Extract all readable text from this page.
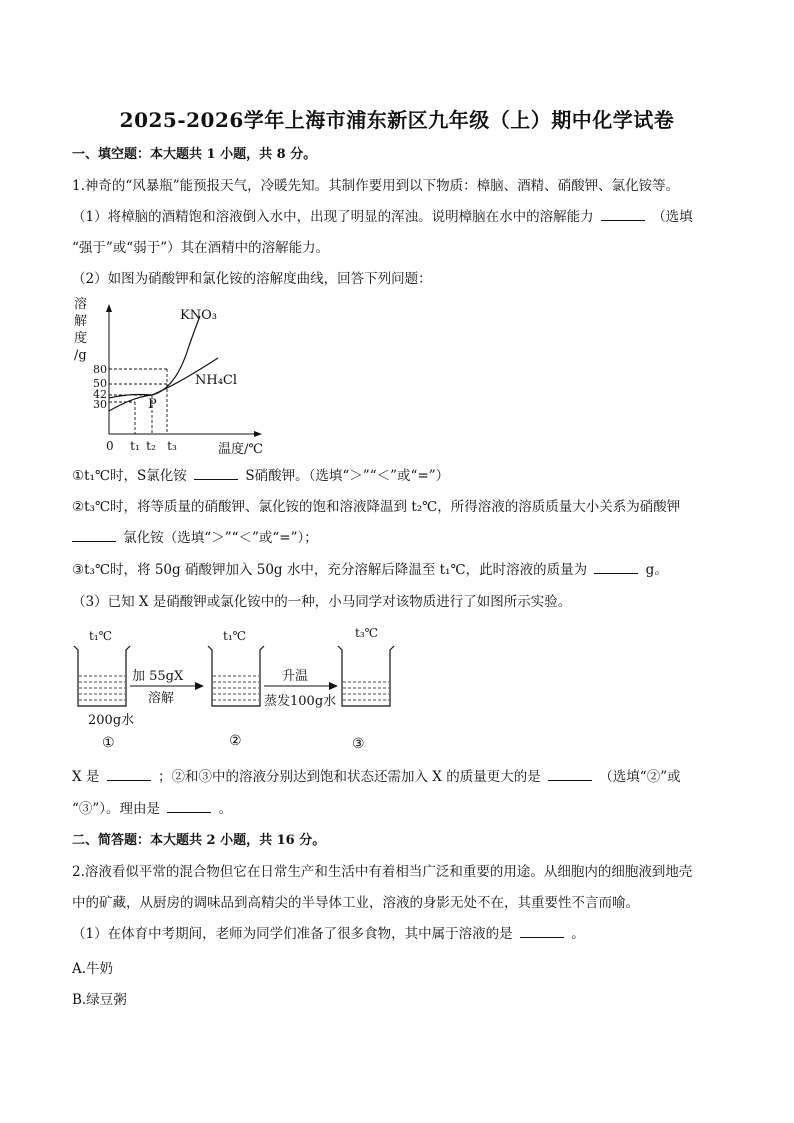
2025-2026学年上海市浦东新区九年级（上）期中化学试卷
一、填空题：本大题共 1 小题，共 8 分。
1.神奇的“风暴瓶”能预报天气，冷暖先知。其制作要用到以下物质：樟脑、酒精、硝酸钾、氯化铵等。
（1）将樟脑的酒精饱和溶液倒入水中，出现了明显的浑浊。说明樟脑在水中的溶解能力	（选填
“强于”或“弱于”）其在酒精中的溶解能力。
（2）如图为硝酸钾和氯化铵的溶解度曲线，回答下列问题：
溶
解
度
/g
KNO₃
NH₄Cl
P
80
50
42
30
0 t₁ t₂ t₃	温度/℃
①t₁℃时，S氯化铵	S硝酸钾。（选填“＞”“＜”或“=”）
②t₃℃时，将等质量的硝酸钾、氯化铵的饱和溶液降温到 t₂℃，所得溶液的溶质质量大小关系为硝酸钾
氯化铵（选填“＞”“＜”或“=”）；
③t₃℃时，将 50g 硝酸钾加入 50g 水中，充分溶解后降温至 t₁℃，此时溶液的质量为	g。
（3）已知 X 是硝酸钾或氯化铵中的一种，小马同学对该物质进行了如图所示实验。
t₁℃	t₁℃	t₃℃
加 55gX
溶解
升温
蒸发100g水
200g水
①	②	③
X 是	；②和③中的溶液分别达到饱和状态还需加入 X 的质量更大的是	（选填“②”或
“③”）。理由是	。
二、简答题：本大题共 2 小题，共 16 分。
2.溶液看似平常的混合物但它在日常生产和生活中有着相当广泛和重要的用途。从细胞内的细胞液到地壳
中的矿藏，从厨房的调味品到高精尖的半导体工业，溶液的身影无处不在，其重要性不言而喻。
（1）在体育中考期间，老师为同学们准备了很多食物，其中属于溶液的是	。
A.牛奶
B.绿豆粥
